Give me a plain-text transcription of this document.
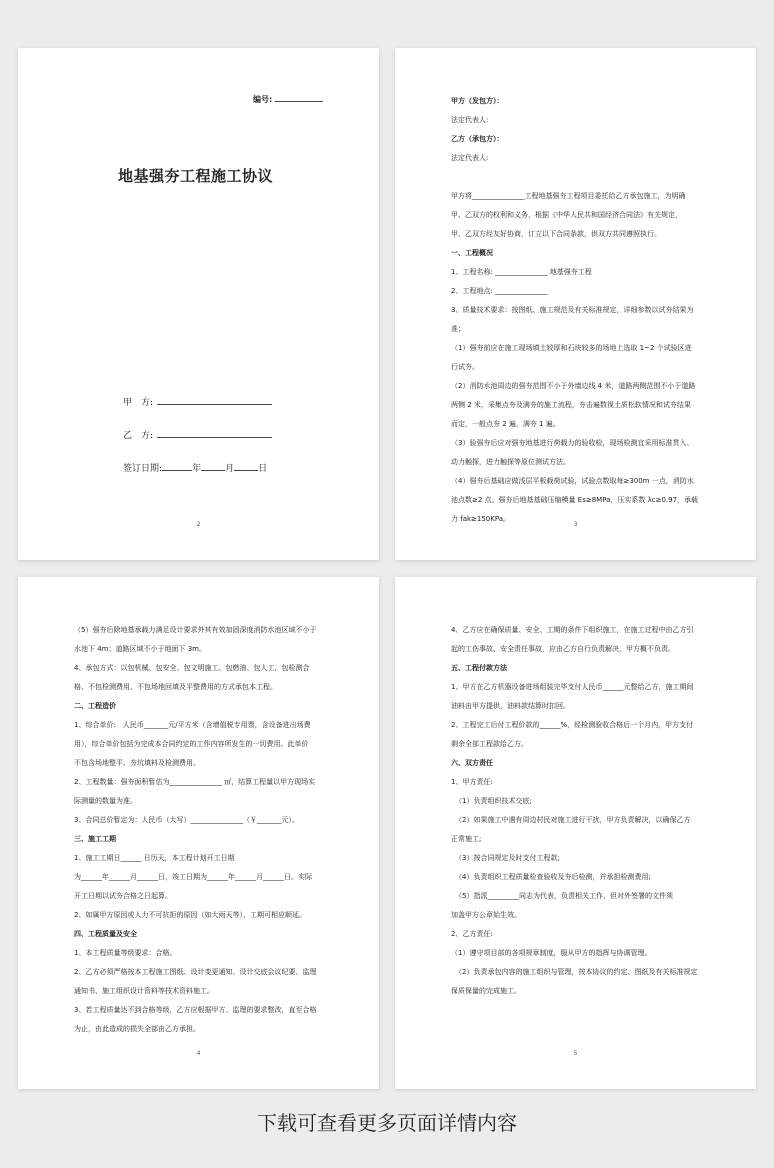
编号:
地基强夯工程施工协议
甲　方:
乙　方:
签订日期:	年	月	日
2

甲方（发包方）：

法定代表人:

乙方（承包方）：

法定代表人:

甲方将_______________工程地基强夯工程项目委托给乙方承包施工，为明确

甲、乙双方的权利和义务，根据《中华人民共和国经济合同法》有关规定，

甲、乙双方经友好协商，订立以下合同条款，供双方共同遵照执行。

一、工程概况

1、工程名称: _______________ 地基强夯工程

2、工程地点: _______________

3、质量技术要求：按图纸、施工规范及有关标准规定，详细参数以试夯结果为

准；

（1）强夯前应在施工现场填土较厚和石块较多的场地上选取 1~2 个试验区进

行试夯。

（2）消防水池周边的强夯范围不小于外墙边线 4 米，道路两侧范围不小于道路

两侧 2 米，采集点夯及满夯的施工流程，夯击遍数视土质松软情况和试夯结果

而定，一般点夯 2 遍，满夯 1 遍。

（3）验强夯后应对强夯地基进行荷载力的验收检，现场检测宜采用标准贯入、

动力触探，进力触探等原位测试方法。

（4）强夯后基础应做浅层平板载荷试验，试验点数取每≥300m 一点，消防水

池点数≥2 点。强夯后地基基础压缩模量 Es≥8MPa，压实系数 λc≥0.97，承载

力 fak≥150KPa。

3

（5）强夯后除地基承载力满足设计要求外其有效加固深度消防水池区域不小于

水池下 4m；道路区域不小于地面下 3m。

4、承包方式：以包机械、包安全、包文明施工、包燃油、包人工，包检测合

格、不包检测费用、不包场地回填及平整费用的方式承包本工程。

二、工程造价

1、综合单价:　人民币_______元/平方米（含增值税专用票，含设备进出场费

用），综合单价包括为完成本合同约定的工作内容所发生的一切费用。此单价

不包含场地整平、夯坑填料及检测费用。

2、工程数量：强夯面积暂估为_______________ ㎡，结算工程量以甲方现场实

际测量的数量为准。

3、合同总价暂定为：人民币（大写）_______________（￥_______元）。

三、施工工期

1、施工工期日______ 日历天，本工程计划开工日期

为______年______月______日，竣工日期为______年______月______日。实际

开工日期以试夯合格之日起算。

2、如属甲方原因或人力不可抗拒的原因（如大雨天等），工期可相应顺延。

四、工程质量及安全

1、本工程质量等级要求：合格。

2、乙方必须严格按本工程施工图纸、设计变更通知、设计交底会议纪要、监理

通知书、施工组织设计资料等技术资料施工。

3、若工程质量达不到合格等级，乙方应根据甲方、监理的要求整改，直至合格

为止，由此造成的损失全部由乙方承担。

4

4、乙方应在确保质量、安全、工期的条件下组织施工，在施工过程中由乙方引

起的工伤事故、安全责任事故，应由乙方自行负责解决，甲方概不负责。

五、工程付款方法

1、甲方在乙方机器设备进场组装完毕支付人民币______元整给乙方，施工期间

油料由甲方提供，油料款结算时扣回。

2、工程完工后付工程价款的______%，经检测验收合格后一个月内，甲方支付

剩余全部工程款给乙方。

六、双方责任

1、甲方责任:

（1）负责组织技术交底;

（2）如果施工中遇有周边村民对施工进行干扰，甲方负责解决，以确保乙方

正常施工;

（3）按合同规定及时支付工程款;

（4）负责组织工程质量检查验收及夯后检测，并承担检测费用;

（5）指派_________同志为代表，负责相关工作，但对外签署的文件须

加盖甲方公章始生效。

2、乙方责任:

（1）遵守项目部的各项规章制度，服从甲方的指挥与协调管理。

（2）负责承包内容的施工组织与管理，按本协议的约定、图纸及有关标准规定

保质保量的完成施工。

5
下载可查看更多页面详情内容
